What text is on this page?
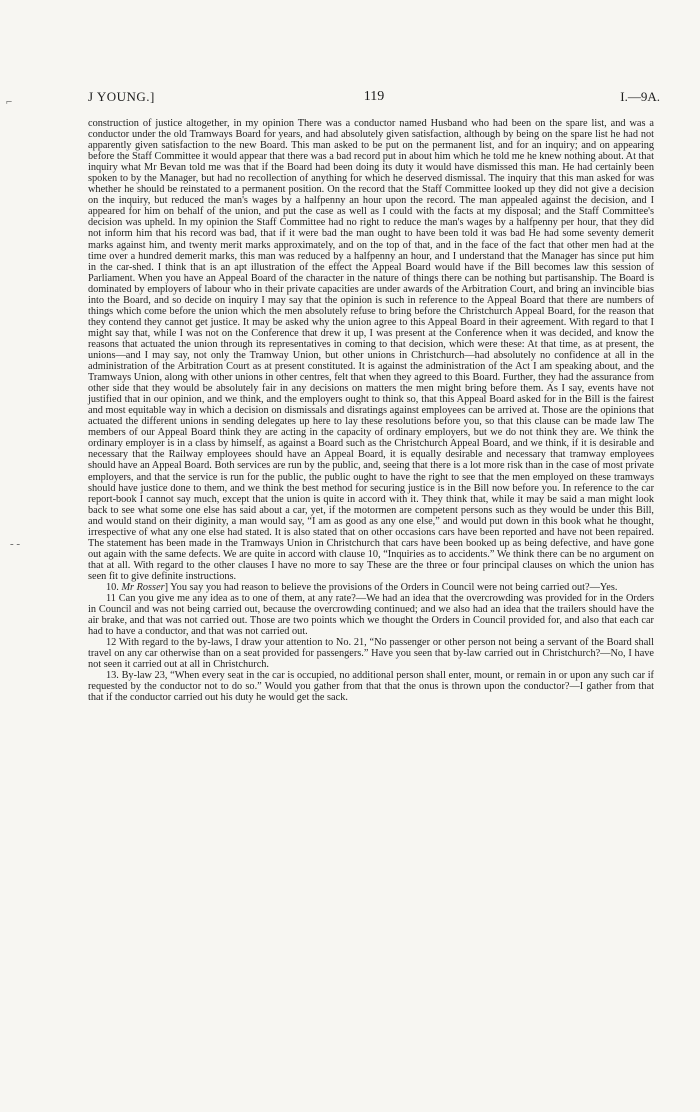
⌐
‑ ‑
J YOUNG.]	119	I.—9A.

construction of justice altogether, in my opinion There was a conductor named Husband who had been on the spare list, and was a conductor under the old Tramways Board for years, and had absolutely given satisfaction, although by being on the spare list he had not apparently given satisfaction to the new Board. This man asked to be put on the permanent list, and for an inquiry; and on appearing before the Staff Committee it would appear that there was a bad record put in about him which he told me he knew nothing about. At that inquiry what Mr Bevan told me was that if the Board had been doing its duty it would have dismissed this man. He had certainly been spoken to by the Manager, but had no recollection of anything for which he deserved dismissal. The inquiry that this man asked for was whether he should be reinstated to a permanent position. On the record that the Staff Committee looked up they did not give a decision on the inquiry, but reduced the man's wages by a halfpenny an hour upon the record. The man appealed against the decision, and I appeared for him on behalf of the union, and put the case as well as I could with the facts at my disposal; and the Staff Committee's decision was upheld. In my opinion the Staff Committee had no right to reduce the man's wages by a halfpenny per hour, that they did not inform him that his record was bad, that if it were bad the man ought to have been told it was bad He had some seventy demerit marks against him, and twenty merit marks approximately, and on the top of that, and in the face of the fact that other men had at the time over a hundred demerit marks, this man was reduced by a halfpenny an hour, and I understand that the Manager has since put him in the car-shed. I think that is an apt illustration of the effect the Appeal Board would have if the Bill becomes law this session of Parliament. When you have an Appeal Board of the character in the nature of things there can be nothing but partisanship. The Board is dominated by employers of labour who in their private capacities are under awards of the Arbitration Court, and bring an invincible bias into the Board, and so decide on inquiry I may say that the opinion is such in reference to the Appeal Board that there are numbers of things which come before the union which the men absolutely refuse to bring before the Christchurch Appeal Board, for the reason that they contend they cannot get justice. It may be asked why the union agree to this Appeal Board in their agreement. With regard to that I might say that, while I was not on the Conference that drew it up, I was present at the Conference when it was decided, and know the reasons that actuated the union through its representatives in coming to that decision, which were these: At that time, as at present, the unions—and I may say, not only the Tramway Union, but other unions in Christchurch—had absolutely no confidence at all in the administration of the Arbitration Court as at present constituted. It is against the administration of the Act I am speaking about, and the Tramways Union, along with other unions in other centres, felt that when they agreed to this Board. Further, they had the assurance from other side that they would be absolutely fair in any decisions on matters the men might bring before them. As I say, events have not justified that in our opinion, and we think, and the employers ought to think so, that this Appeal Board asked for in the Bill is the fairest and most equitable way in which a decision on dismissals and disratings against employees can be arrived at. Those are the opinions that actuated the different unions in sending delegates up here to lay these resolutions before you, so that this clause can be made law The members of our Appeal Board think they are acting in the capacity of ordinary employers, but we do not think they are. We think the ordinary employer is in a class by himself, as against a Board such as the Christchurch Appeal Board, and we think, if it is desirable and necessary that the Railway employees should have an Appeal Board, it is equally desirable and necessary that tramway employees should have an Appeal Board. Both services are run by the public, and, seeing that there is a lot more risk than in the case of most private employers, and that the service is run for the public, the public ought to have the right to see that the men employed on these tramways should have justice done to them, and we think the best method for securing justice is in the Bill now before you. In reference to the car report-book I cannot say much, except that the union is quite in accord with it. They think that, while it may be said a man might look back to see what some one else has said about a car, yet, if the motormen are competent persons such as they would be under this Bill, and would stand on their diginity, a man would say, “I am as good as any one else,” and would put down in this book what he thought, irrespective of what any one else had stated. It is also stated that on other occasions cars have been reported and have not been repaired. The statement has been made in the Tramways Union in Christchurch that cars have been booked up as being defective, and have gone out again with the same defects. We are quite in accord with clause 10, “Inquiries as to accidents.” We think there can be no argument on that at all. With regard to the other clauses I have no more to say These are the three or four principal clauses on which the union has seen fit to give definite instructions.

10. Mr Rosser] You say you had reason to believe the provisions of the Orders in Council were not being carried out?—Yes.

11 Can you give me any idea as to one of them, at any rate?—We had an idea that the overcrowding was provided for in the Orders in Council and was not being carried out, because the overcrowding continued; and we also had an idea that the trailers should have the air brake, and that was not carried out. Those are two points which we thought the Orders in Council provided for, and also that each car had to have a conductor, and that was not carried out.

12 With regard to the by-laws, I draw your attention to No. 21, “No passenger or other person not being a servant of the Board shall travel on any car otherwise than on a seat provided for passengers.” Have you seen that by-law carried out in Christchurch?—No, I have not seen it carried out at all in Christchurch.

13. By-law 23, “When every seat in the car is occupied, no additional person shall enter, mount, or remain in or upon any such car if requested by the conductor not to do so.” Would you gather from that that the onus is thrown upon the conductor?—I gather from that that if the conductor carried out his duty he would get the sack.
